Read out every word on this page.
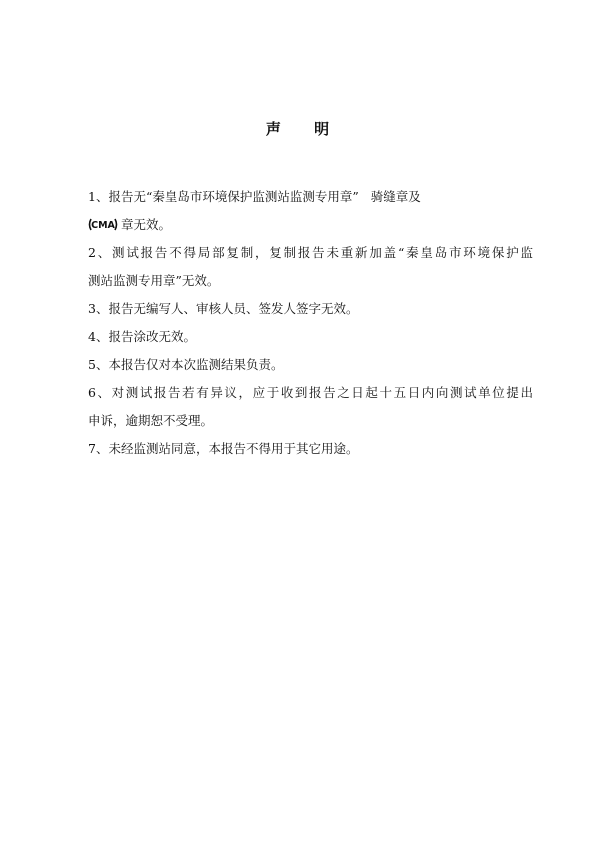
声 明
1、报告无“秦皇岛市环境保护监测站监测专用章” 骑缝章及
CMA 章无效。
2、测试报告不得局部复制，复制报告未重新加盖“秦皇岛市环境保护监
测站监测专用章”无效。
3、报告无编写人、审核人员、签发人签字无效。
4、报告涂改无效。
5、本报告仅对本次监测结果负责。
6、对测试报告若有异议，应于收到报告之日起十五日内向测试单位提出
申诉，逾期恕不受理。
7、未经监测站同意，本报告不得用于其它用途。
